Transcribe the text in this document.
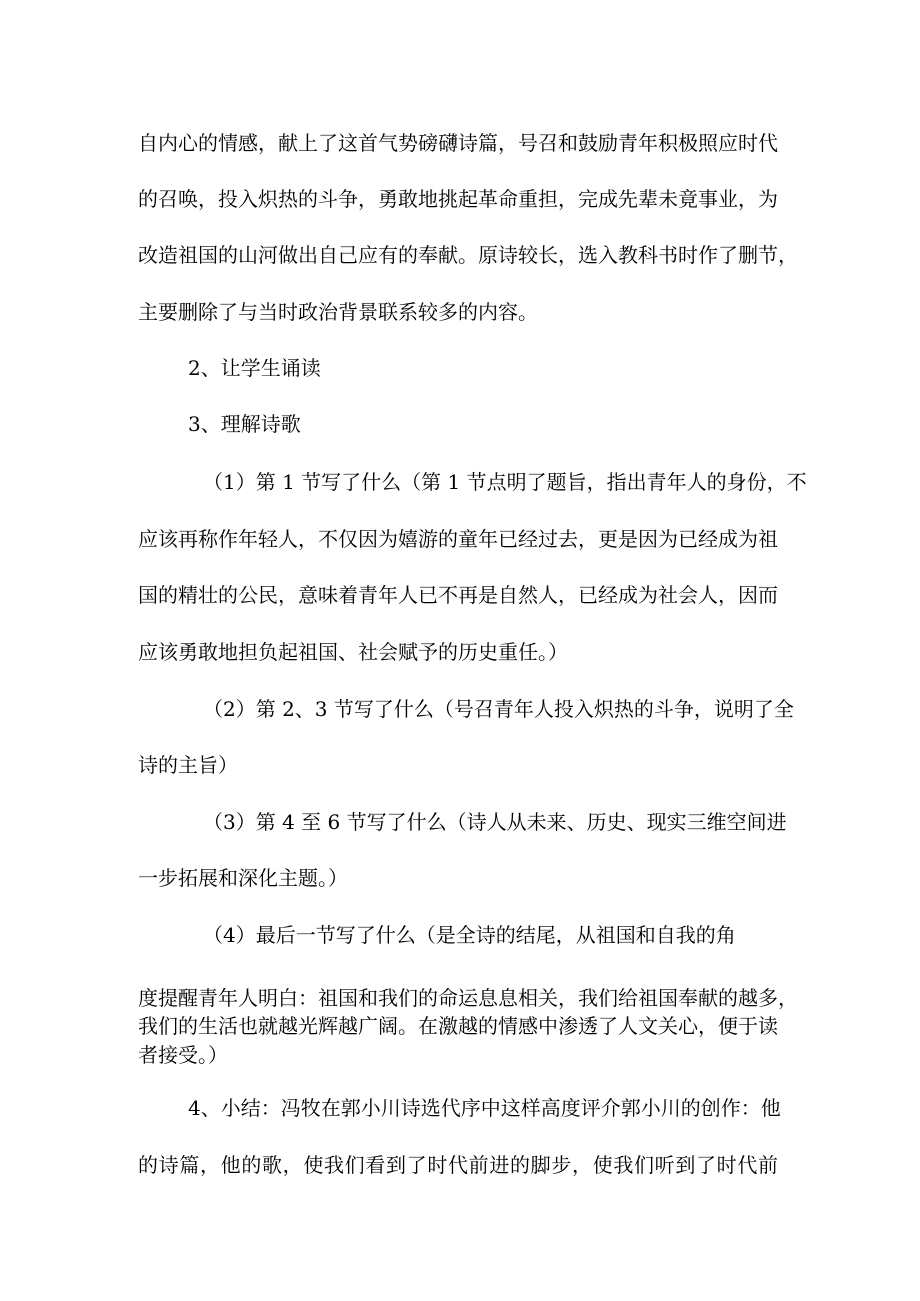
自内心的情感，献上了这首气势磅礴诗篇，号召和鼓励青年积极照应时代
的召唤，投入炽热的斗争，勇敢地挑起革命重担，完成先辈未竟事业，为
改造祖国的山河做出自己应有的奉献。原诗较长，选入教科书时作了删节，
主要删除了与当时政治背景联系较多的内容。
2、让学生诵读
3、理解诗歌
（1）第 1 节写了什么（第 1 节点明了题旨，指出青年人的身份，不
应该再称作年轻人，不仅因为嬉游的童年已经过去，更是因为已经成为祖
国的精壮的公民，意味着青年人已不再是自然人，已经成为社会人，因而
应该勇敢地担负起祖国、社会赋予的历史重任。）
（2）第 2、3 节写了什么（号召青年人投入炽热的斗争，说明了全
诗的主旨）
（3）第 4 至 6 节写了什么（诗人从未来、历史、现实三维空间进
一步拓展和深化主题。）
（4）最后一节写了什么（是全诗的结尾，从祖国和自我的角
度提醒青年人明白：祖国和我们的命运息息相关，我们给祖国奉献的越多，
我们的生活也就越光辉越广阔。在激越的情感中渗透了人文关心，便于读
者接受。）
4、小结：冯牧在郭小川诗选代序中这样高度评介郭小川的创作：他
的诗篇，他的歌，使我们看到了时代前进的脚步，使我们听到了时代前
